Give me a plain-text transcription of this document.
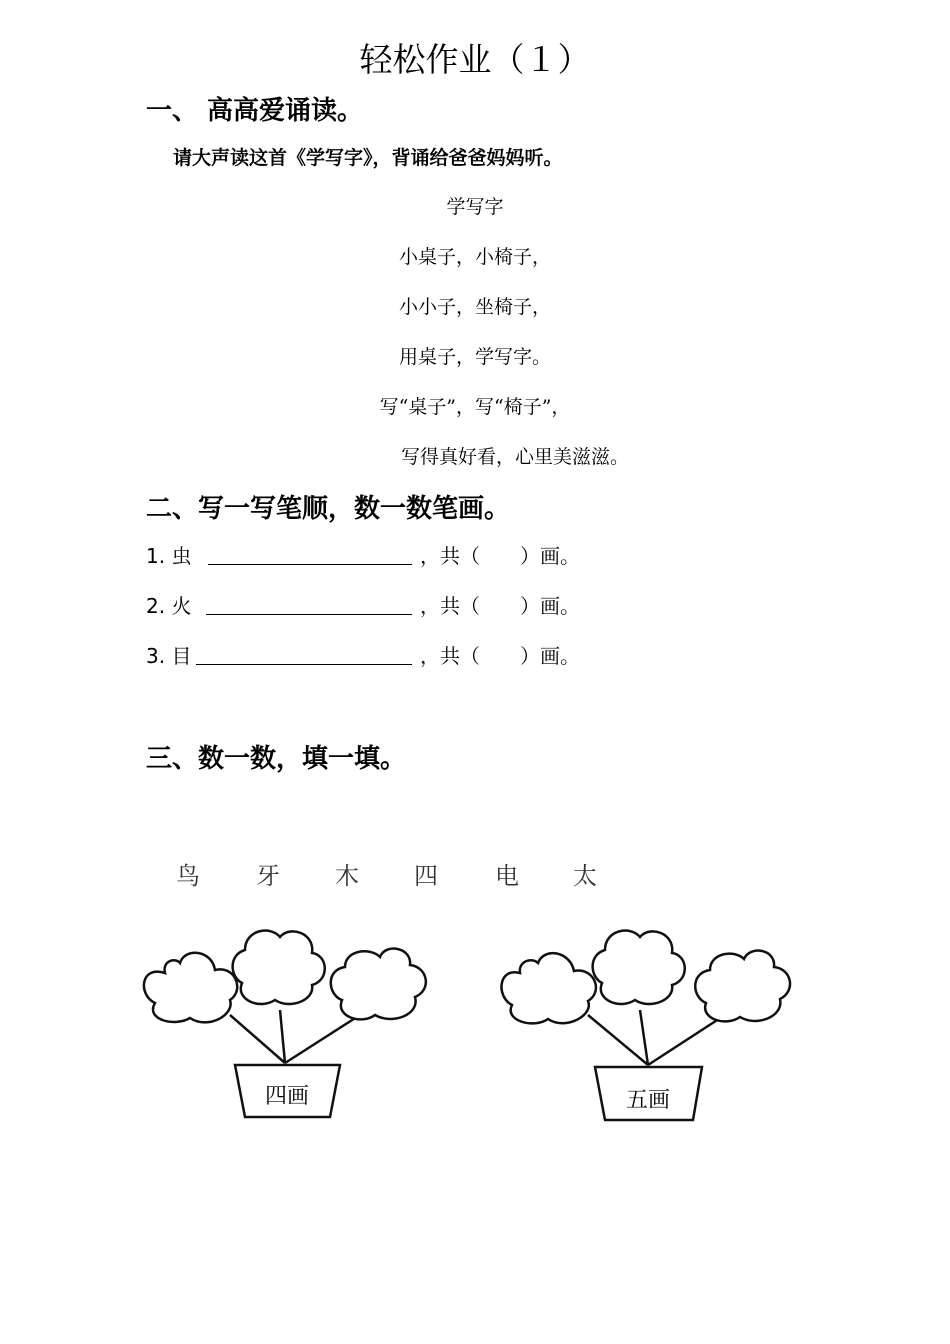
轻松作业（１）
一、 高高爱诵读。
请大声读这首《学写字》，背诵给爸爸妈妈听。
学写字
小桌子，小椅子，
小小子，坐椅子，
用桌子，学写字。
写“桌子”，写“椅子”，
写得真好看，心里美滋滋。
二、写一写笔顺，数一数笔画。
1. 虫	，共（　　）画。
2. 火	，共（　　）画。
3. 目	，共（　　）画。
三、数一数，填一填。
鸟 牙 木 四 电 太
四画	五画
